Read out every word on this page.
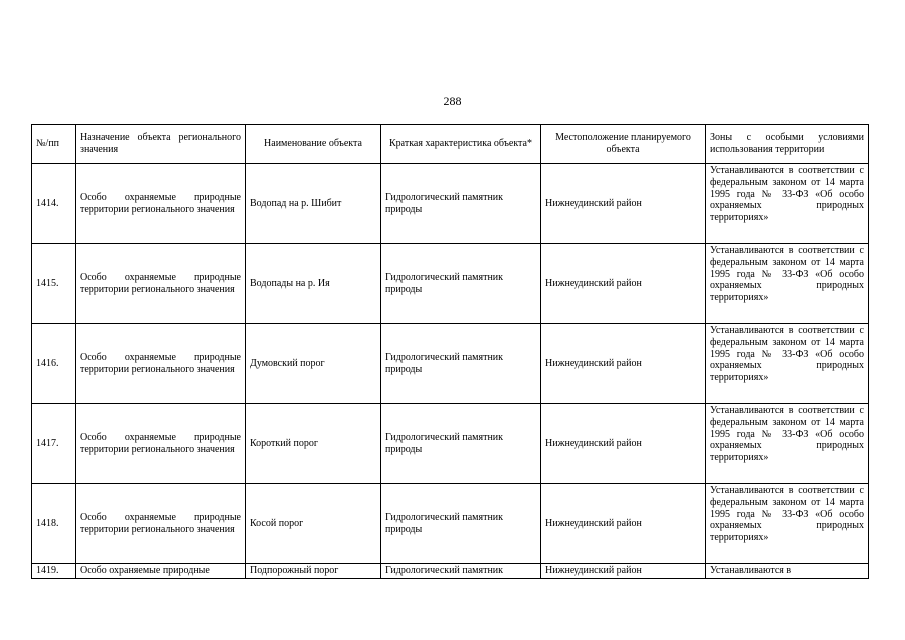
288
№/пп	Назначение объекта регионального значения	Наименование объекта	Краткая характеристика объекта*	Местоположение планируемого объекта	Зоны с особыми условиями использования территории
1414.	Особо охраняемые природные территории регионального значения	Водопад на р. Шибит	Гидрологический памятник природы	Нижнеудинский район	Устанавливаются в соответствии с федеральным законом от 14 марта 1995 года № 33-ФЗ «Об особо охраняемых природных территориях»
1415.	Особо охраняемые природные территории регионального значения	Водопады на р. Ия	Гидрологический памятник природы	Нижнеудинский район	Устанавливаются в соответствии с федеральным законом от 14 марта 1995 года № 33-ФЗ «Об особо охраняемых природных территориях»
1416.	Особо охраняемые природные территории регионального значения	Думовский порог	Гидрологический памятник природы	Нижнеудинский район	Устанавливаются в соответствии с федеральным законом от 14 марта 1995 года № 33-ФЗ «Об особо охраняемых природных территориях»
1417.	Особо охраняемые природные территории регионального значения	Короткий порог	Гидрологический памятник природы	Нижнеудинский район	Устанавливаются в соответствии с федеральным законом от 14 марта 1995 года № 33-ФЗ «Об особо охраняемых природных территориях»
1418.	Особо охраняемые природные территории регионального значения	Косой порог	Гидрологический памятник природы	Нижнеудинский район	Устанавливаются в соответствии с федеральным законом от 14 марта 1995 года № 33-ФЗ «Об особо охраняемых природных территориях»
1419.	Особо охраняемые природные	Подпорожный порог	Гидрологический памятник	Нижнеудинский район	Устанавливаются в
